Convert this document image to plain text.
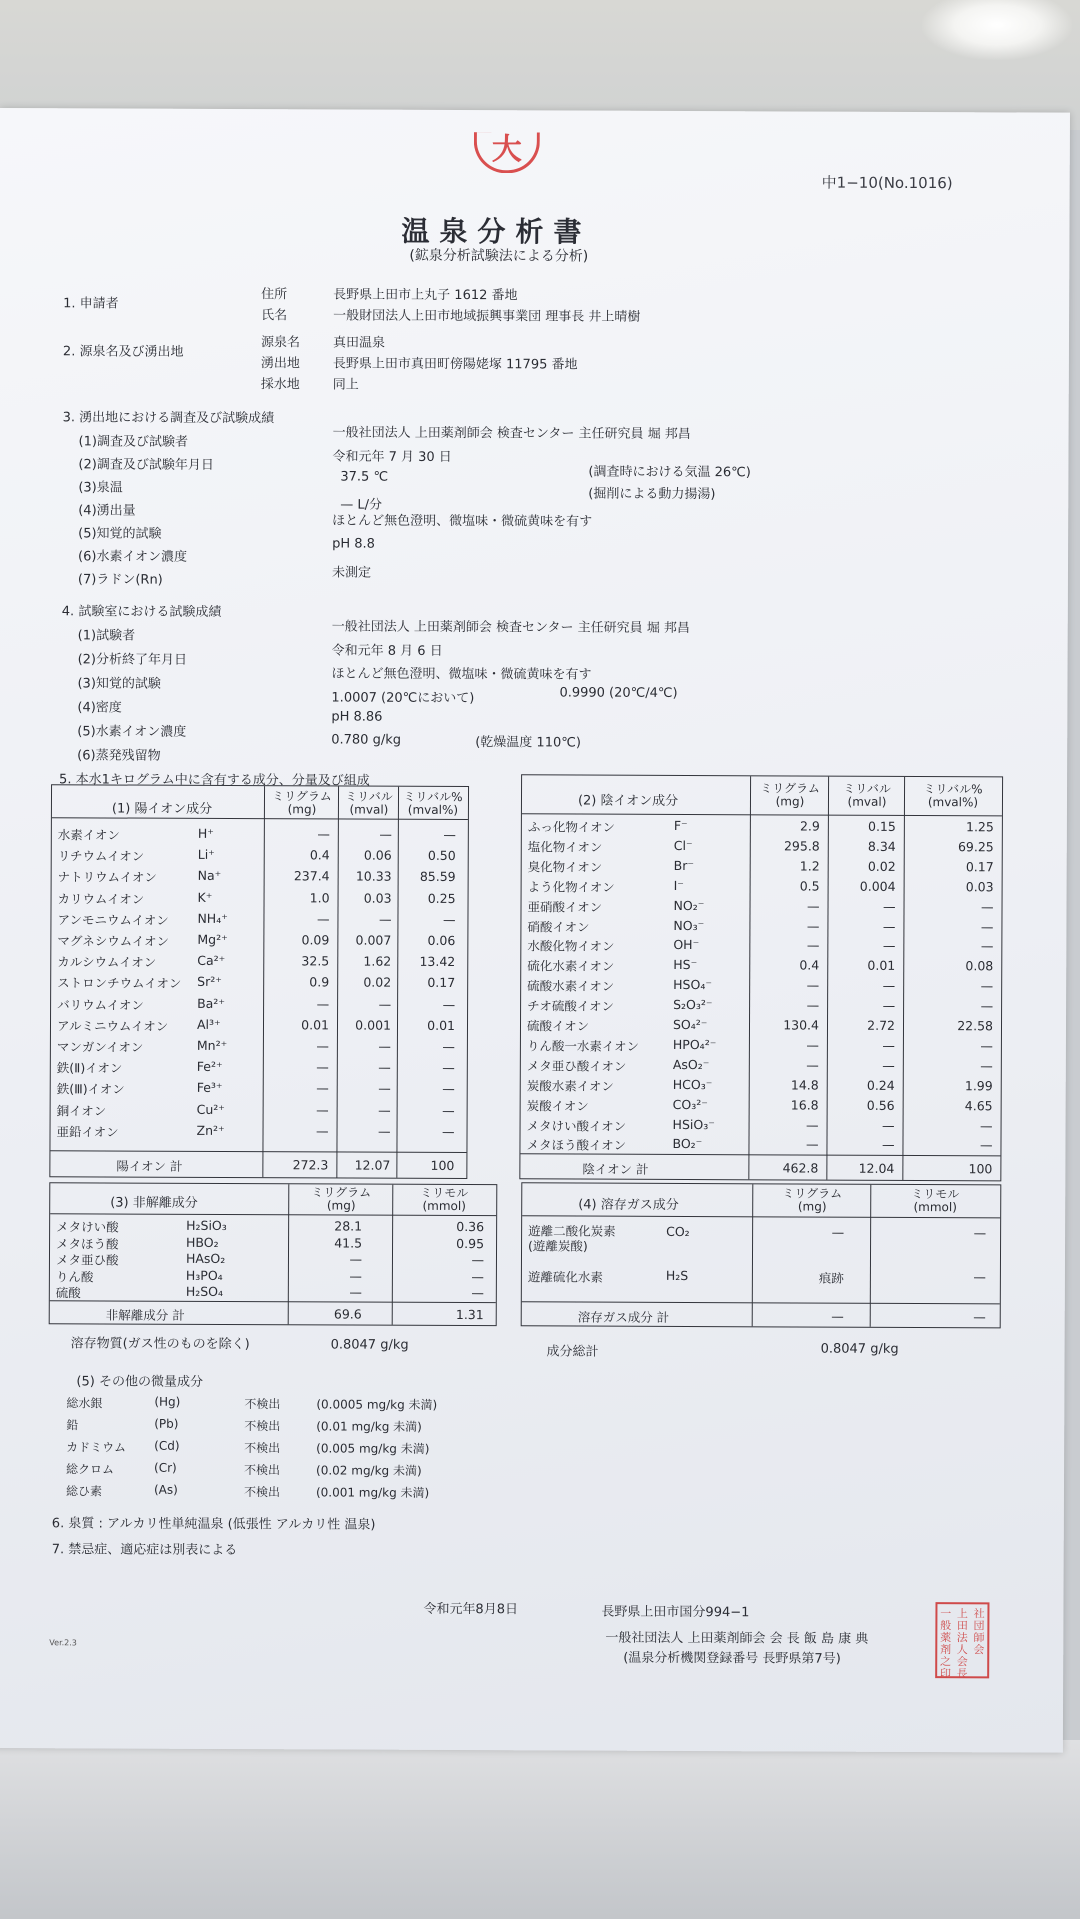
大
中1−10(No.1016)
温泉分析書
(鉱泉分析試験法による分析)
1. 申請者
住所	長野県上田市上丸子 1612 番地
氏名	一般財団法人上田市地域振興事業団 理事長 井上晴樹
2. 源泉名及び湧出地
源泉名	真田温泉
湧出地	長野県上田市真田町傍陽姥塚 11795 番地
採水地	同上
3. 湧出地における調査及び試験成績
(1)調査及び試験者
一般社団法人 上田薬剤師会 検査センター 主任研究員 堀 邦昌
(2)調査及び試験年月日
令和元年 7 月 30 日
(3)泉温
37.5 ℃	(調査時における気温 26℃)
(4)湧出量	— L/分
(掘削による動力揚湯)
(5)知覚的試験
ほとんど無色澄明、微塩味・微硫黄味を有す
(6)水素イオン濃度
pH 8.8
(7)ラドン(Rn)	未測定
4. 試験室における試験成績
(1)試験者	一般社団法人 上田薬剤師会 検査センター 主任研究員 堀 邦昌
(2)分析終了年月日
令和元年 8 月 6 日
(3)知覚的試験
ほとんど無色澄明、微塩味・微硫黄味を有す
(4)密度
1.0007 (20℃において)	0.9990 (20℃/4℃)
(5)水素イオン濃度
pH 8.86
(6)蒸発残留物
0.780 g/kg	(乾燥温度 110℃)
5. 本水1キログラム中に含有する成分、分量及び組成
(1) 陽イオン成分
ミリグラム
(mg)
ミリバル
(mval)
ミリバル%
(mval%)
水素イオン	H⁺	—	—	—
リチウムイオン	Li⁺	0.4	0.06	0.50
ナトリウムイオン	Na⁺	237.4	10.33	85.59
カリウムイオン	K⁺	1.0	0.03	0.25
アンモニウムイオン NH₄⁺	—	—	—
マグネシウムイオン Mg²⁺	0.09	0.007	0.06
カルシウムイオン	Ca²⁺	32.5	1.62	13.42
ストロンチウムイオン Sr²⁺	0.9	0.02	0.17
バリウムイオン	Ba²⁺	—	—	—
アルミニウムイオン Al³⁺	0.01	0.001	0.01
マンガンイオン	Mn²⁺	—	—	—
鉄(Ⅱ)イオン	Fe²⁺	—	—	—
鉄(Ⅲ)イオン	Fe³⁺	—	—	—
銅イオン	Cu²⁺	—	—	—
亜鉛イオン	Zn²⁺	—	—	—
陽イオン 計	272.3	12.07	100
(2) 陰イオン成分
ミリグラム
(mg)
ミリバル
(mval)
ミリバル%
(mval%)
ふっ化物イオン	F⁻	2.9	0.15	1.25
塩化物イオン	Cl⁻	295.8	8.34	69.25
臭化物イオン	Br⁻	1.2	0.02	0.17
よう化物イオン	I⁻	0.5	0.004	0.03
亜硝酸イオン	NO₂⁻	—	—	—
硝酸イオン	NO₃⁻	—	—	—
水酸化物イオン	OH⁻	—	—	—
硫化水素イオン	HS⁻	0.4	0.01	0.08
硫酸水素イオン	HSO₄⁻	—	—	—
チオ硫酸イオン	S₂O₃²⁻	—	—	—
硫酸イオン	SO₄²⁻	130.4	2.72	22.58
りん酸一水素イオン	HPO₄²⁻	—	—	—
メタ亜ひ酸イオン	AsO₂⁻	—	—	—
炭酸水素イオン	HCO₃⁻	14.8	0.24	1.99
炭酸イオン	CO₃²⁻	16.8	0.56	4.65
メタけい酸イオン	HSiO₃⁻	—	—	—
メタほう酸イオン	BO₂⁻	—	—	—
陰イオン 計	462.8	12.04	100
(3) 非解離成分
ミリグラム
(mg)
ミリモル
(mmol)
メタけい酸	H₂SiO₃	28.1	0.36
メタほう酸	HBO₂	41.5	0.95
メタ亜ひ酸	HAsO₂	—	—
りん酸	H₃PO₄	—	—
硫酸	H₂SO₄	—	—
非解離成分 計	69.6	1.31
(4) 溶存ガス成分
ミリグラム
(mg)
ミリモル
(mmol)
遊離二酸化炭素
(遊離炭酸)
CO₂	—	—
遊離硫化水素	H₂S	痕跡	—
溶存ガス成分 計	—	—
溶存物質(ガス性のものを除く)	0.8047 g/kg	成分総計	0.8047 g/kg
(5) その他の微量成分
総水銀	(Hg)	不検出	(0.0005 mg/kg 未満)
鉛	(Pb)	不検出	(0.01 mg/kg 未満)
カドミウム (Cd)	不検出	(0.005 mg/kg 未満)
総クロム	(Cr)	不検出	(0.02 mg/kg 未満)
総ひ素	(As)	不検出	(0.001 mg/kg 未満)
6. 泉質 : アルカリ性単純温泉 (低張性 アルカリ性 温泉)
7. 禁忌症、適応症は別表による
令和元年8月8日	長野県上田市国分994−1
一般社団法人 上田薬剤師会 会 長 飯 島 康 典
(温泉分析機関登録番号 長野県第7号)
一般
上田
社団
薬剤
法人
師会
之印
会長
Ver.2.3
